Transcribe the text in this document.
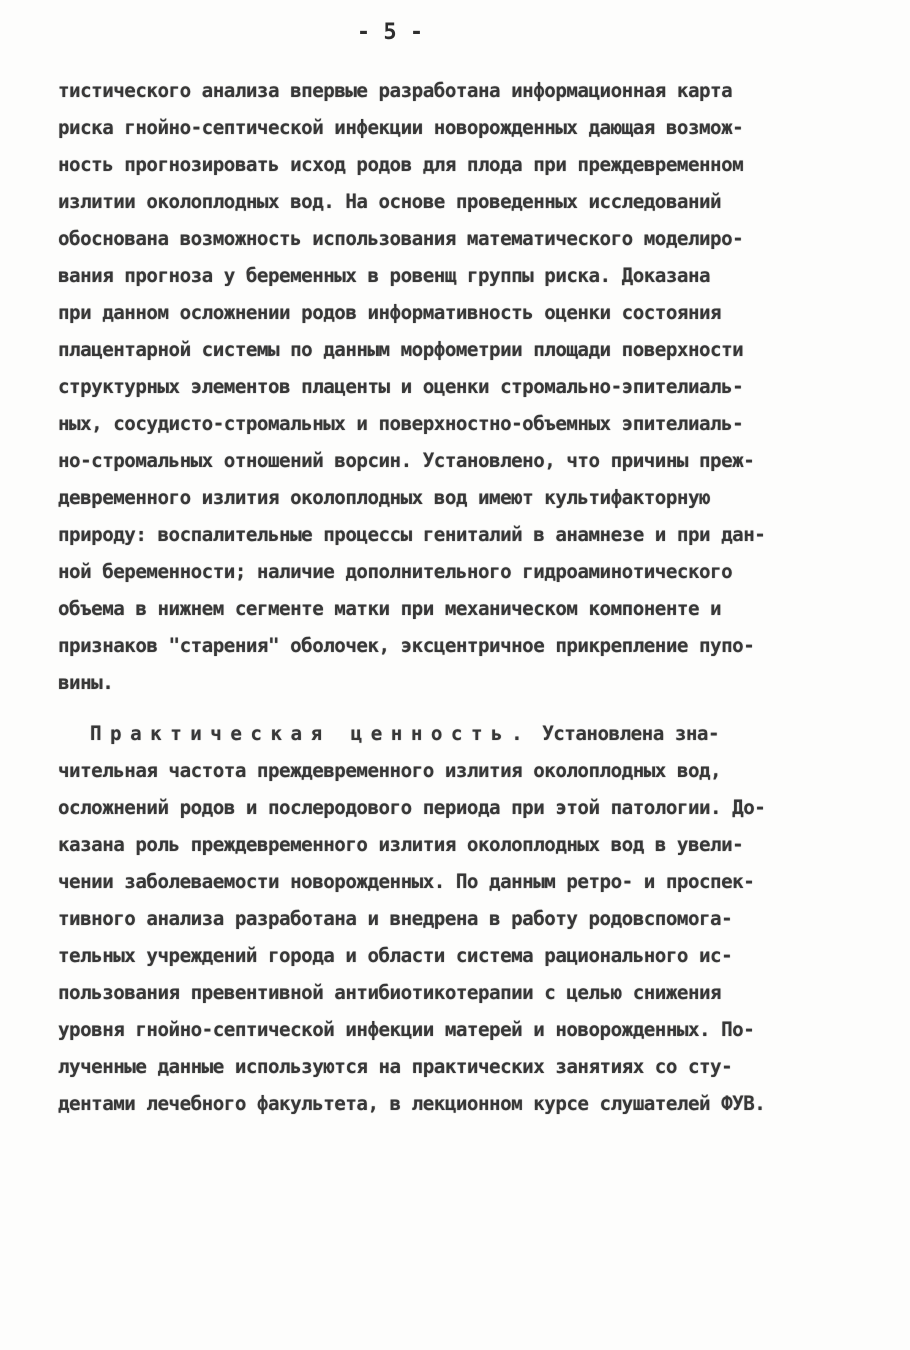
- 5 -
тистического анализа впервые разработана информационная карта
риска гнойно-септической инфекции новорожденных дающая возмож-
ность прогнозировать исход родов для плода при преждевременном
излитии околоплодных вод. На основе проведенных исследований
обоснована возможность использования математического моделиро-
вания прогноза у беременных в ровенщ группы риска. Доказана
при данном осложнении родов информативность оценки состояния
плацентарной системы по данным морфометрии площади поверхности
структурных элементов плаценты и оценки стромально-эпителиаль-
ных, сосудисто-стромальных и поверхностно-объемных эпителиаль-
но-стромальных отношений ворсин. Установлено, что причины преж-
девременного излития околоплодных вод имеют культифакторную
природу: воспалительные процессы гениталий в анамнезе и при дан-
ной беременности; наличие дополнительного гидроаминотического
объема в нижнем сегменте матки при механическом компоненте и
признаков "старения" оболочек, эксцентричное прикрепление пупо-
вины.
Практическая ценность. Установлена зна-
чительная частота преждевременного излития околоплодных вод,
осложнений родов и послеродового периода при этой патологии. До-
казана роль преждевременного излития околоплодных вод в увели-
чении заболеваемости новорожденных. По данным ретро- и проспек-
тивного анализа разработана и внедрена в работу родовспомога-
тельных учреждений города и области система рационального ис-
пользования превентивной антибиотикотерапии с целью снижения
уровня гнойно-септической инфекции матерей и новорожденных. По-
лученные данные используются на практических занятиях со сту-
дентами лечебного факультета, в лекционном курсе слушателей ФУВ.
